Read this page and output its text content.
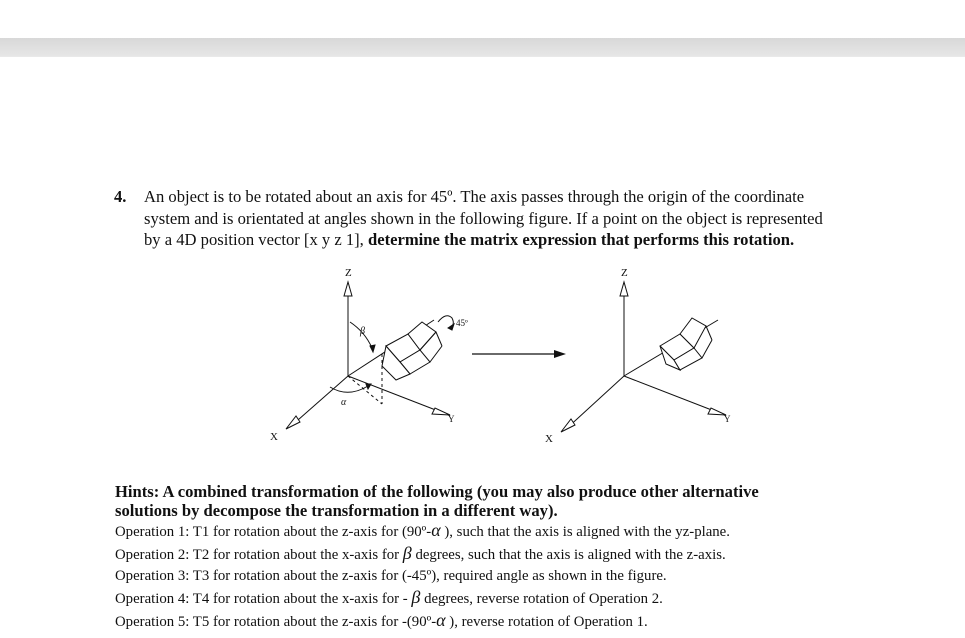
4. An object is to be rotated about an axis for 45º. The axis passes through the origin of the coordinate
system and is orientated at angles shown in the following figure. If a point on the object is represented
by a 4D position vector [x y z 1], determine the matrix expression that performs this rotation.
Z
X
Y
β
α
45º
Z
X
Y
Hints: A combined transformation of the following (you may also produce other alternative
solutions by decompose the transformation in a different way).
Operation 1: T1 for rotation about the z-axis for (90º-α ), such that the axis is aligned with the yz-plane.
Operation 2: T2 for rotation about the x-axis for β degrees, such that the axis is aligned with the z-axis.
Operation 3: T3 for rotation about the z-axis for (-45º), required angle as shown in the figure.
Operation 4: T4 for rotation about the x-axis for - β degrees, reverse rotation of Operation 2.
Operation 5: T5 for rotation about the z-axis for -(90º-α ), reverse rotation of Operation 1.
